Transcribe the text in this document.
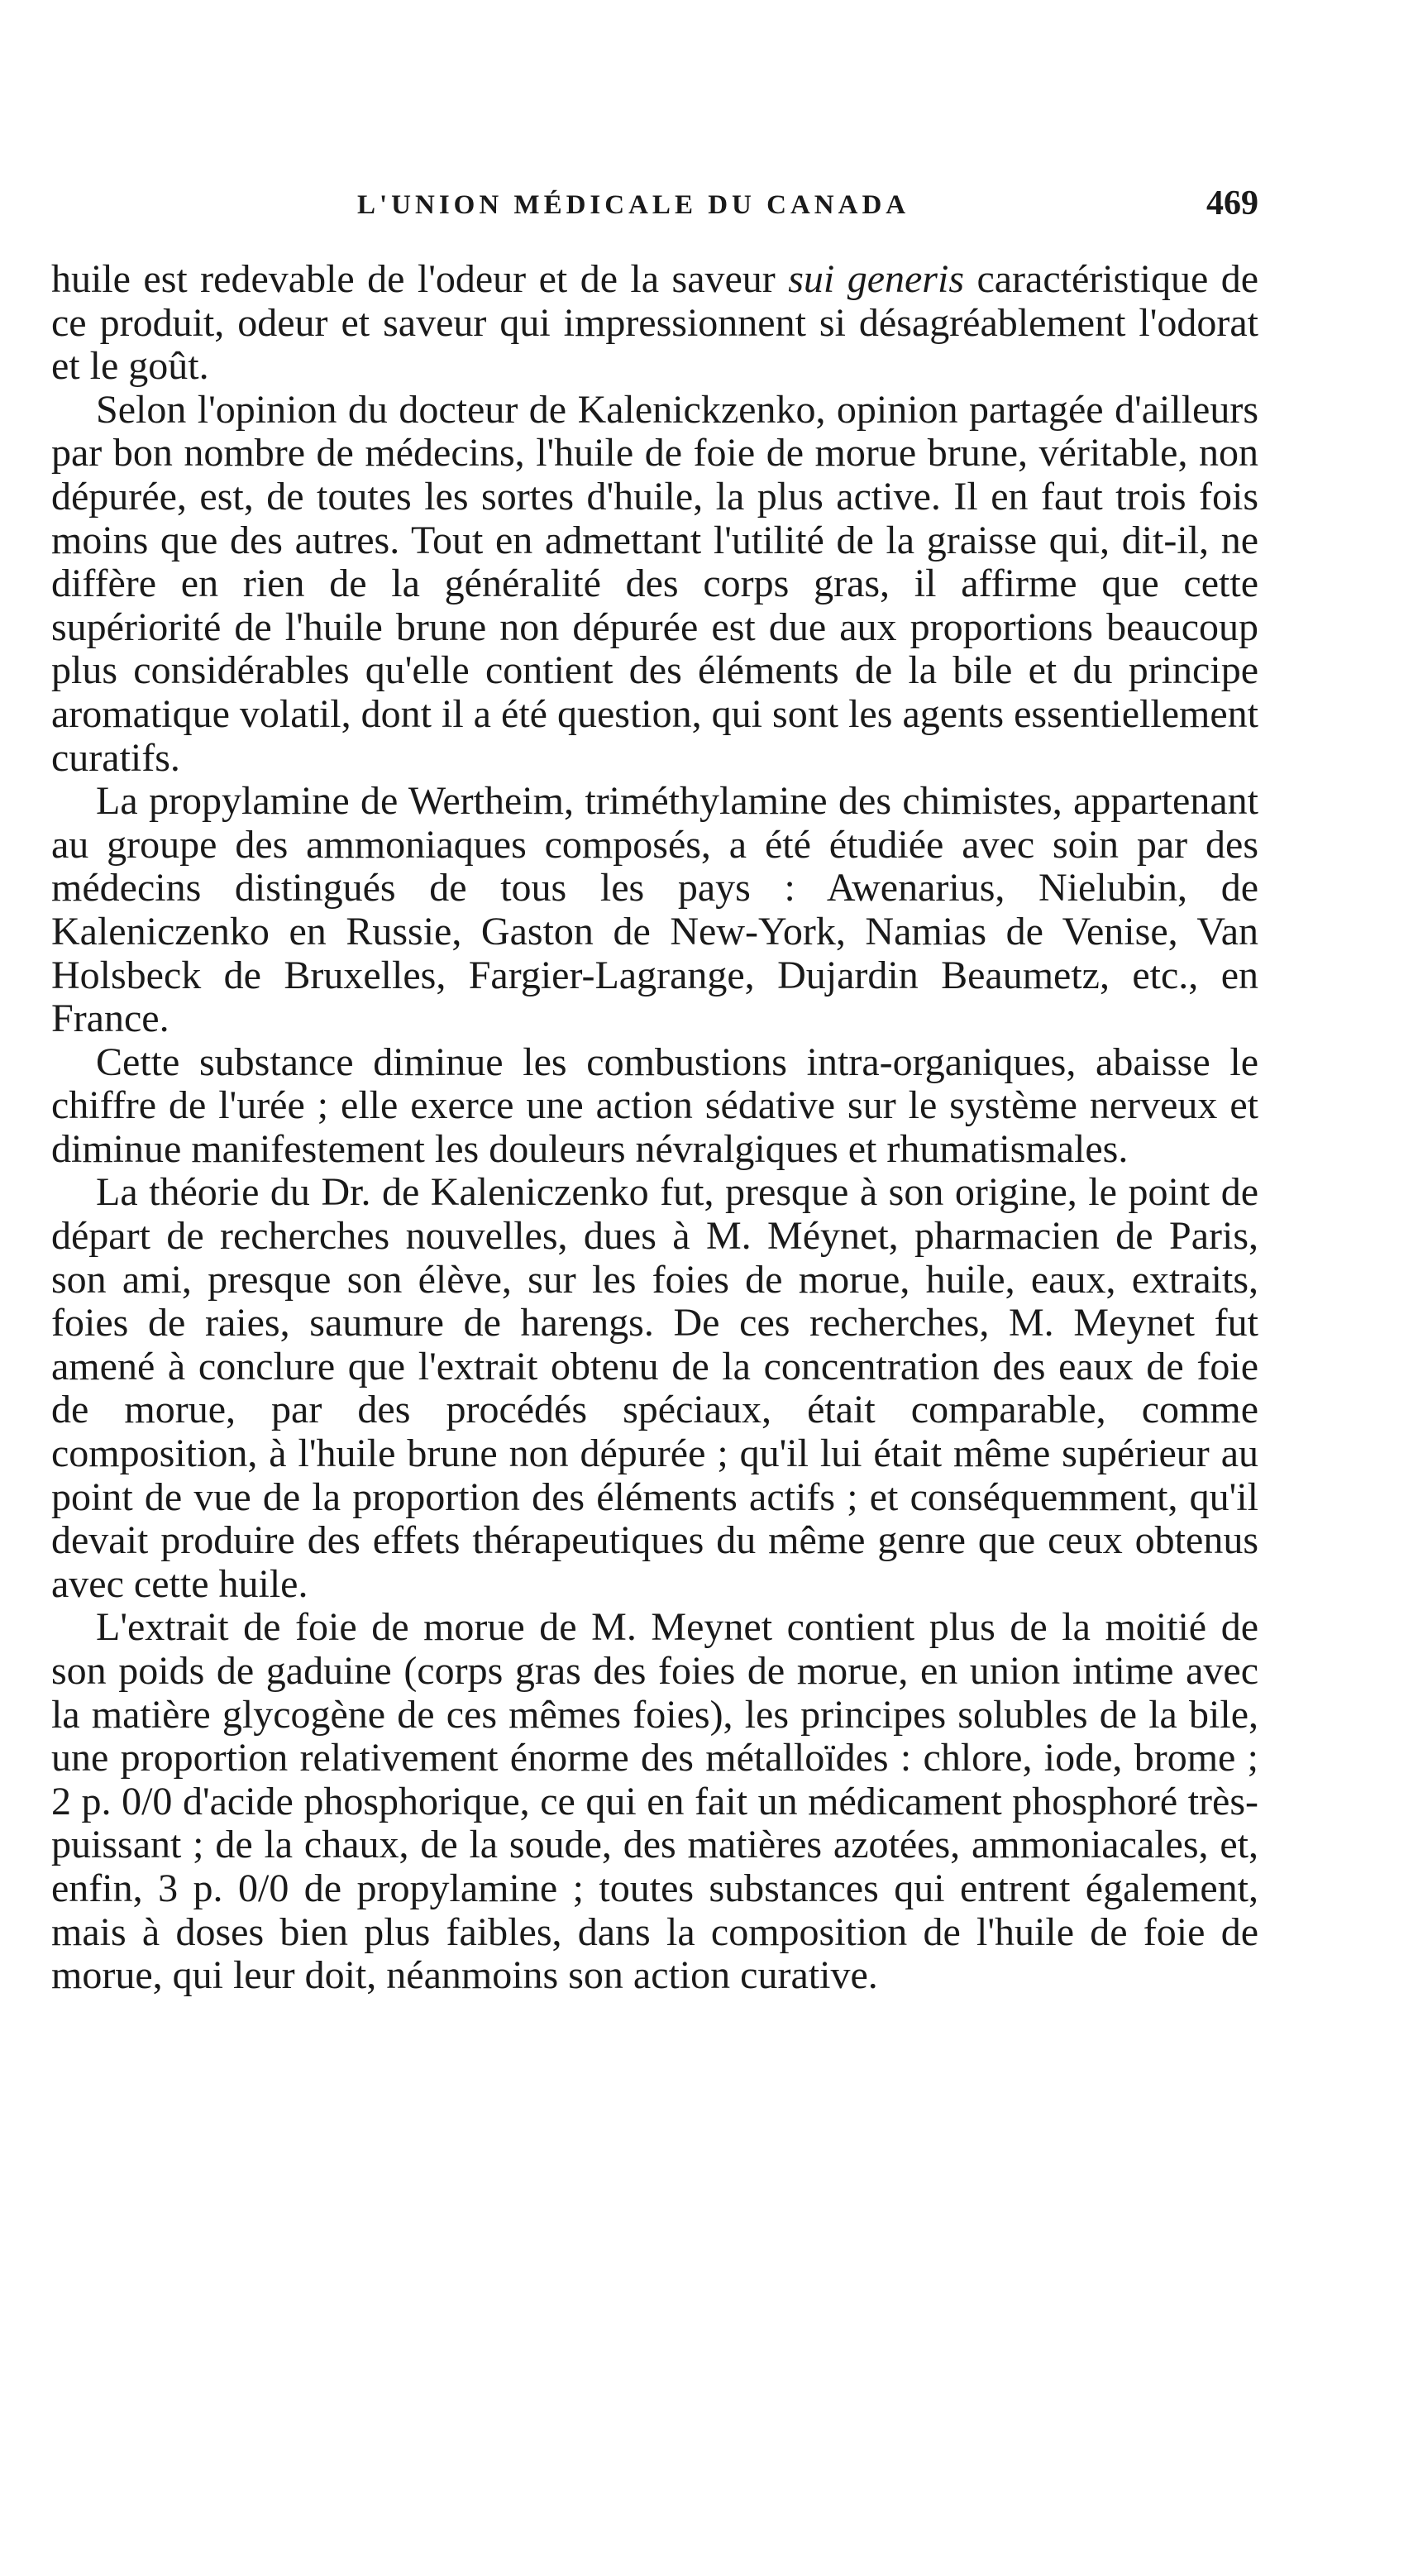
L'UNION MÉDICALE DU CANADA	469

huile est redevable de l'odeur et de la saveur sui generis caractéristique de ce produit, odeur et saveur qui impressionnent si désagréablement l'odorat et le goût.

Selon l'opinion du docteur de Kalenickzenko, opinion partagée d'ailleurs par bon nombre de médecins, l'huile de foie de morue brune, véritable, non dépurée, est, de toutes les sortes d'huile, la plus active. Il en faut trois fois moins que des autres. Tout en admettant l'utilité de la graisse qui, dit-il, ne diffère en rien de la généralité des corps gras, il affirme que cette supériorité de l'huile brune non dépurée est due aux proportions beaucoup plus considérables qu'elle contient des éléments de la bile et du principe aromatique volatil, dont il a été question, qui sont les agents essentiellement curatifs.

La propylamine de Wertheim, triméthylamine des chimistes, appartenant au groupe des ammoniaques composés, a été étudiée avec soin par des médecins distingués de tous les pays : Awenarius, Nielubin, de Kaleniczenko en Russie, Gaston de New-York, Namias de Venise, Van Holsbeck de Bruxelles, Fargier-Lagrange, Dujardin Beaumetz, etc., en France.

Cette substance diminue les combustions intra-organiques, abaisse le chiffre de l'urée ; elle exerce une action sédative sur le système nerveux et diminue manifestement les douleurs névralgiques et rhumatismales.

La théorie du Dr. de Kaleniczenko fut, presque à son origine, le point de départ de recherches nouvelles, dues à M. Méynet, pharmacien de Paris, son ami, presque son élève, sur les foies de morue, huile, eaux, extraits, foies de raies, saumure de harengs. De ces recherches, M. Meynet fut amené à conclure que l'extrait obtenu de la concentration des eaux de foie de morue, par des procédés spéciaux, était comparable, comme composition, à l'huile brune non dépurée ; qu'il lui était même supérieur au point de vue de la proportion des éléments actifs ; et conséquemment, qu'il devait produire des effets thérapeutiques du même genre que ceux obtenus avec cette huile.

L'extrait de foie de morue de M. Meynet contient plus de la moitié de son poids de gaduine (corps gras des foies de morue, en union intime avec la matière glycogène de ces mêmes foies), les principes solubles de la bile, une proportion relativement énorme des métalloïdes : chlore, iode, brome ; 2 p. 0/0 d'acide phosphorique, ce qui en fait un médicament phosphoré très-puissant ; de la chaux, de la soude, des matières azotées, ammoniacales, et, enfin, 3 p. 0/0 de propylamine ; toutes substances qui entrent également, mais à doses bien plus faibles, dans la composition de l'huile de foie de morue, qui leur doit, néanmoins son action curative.
